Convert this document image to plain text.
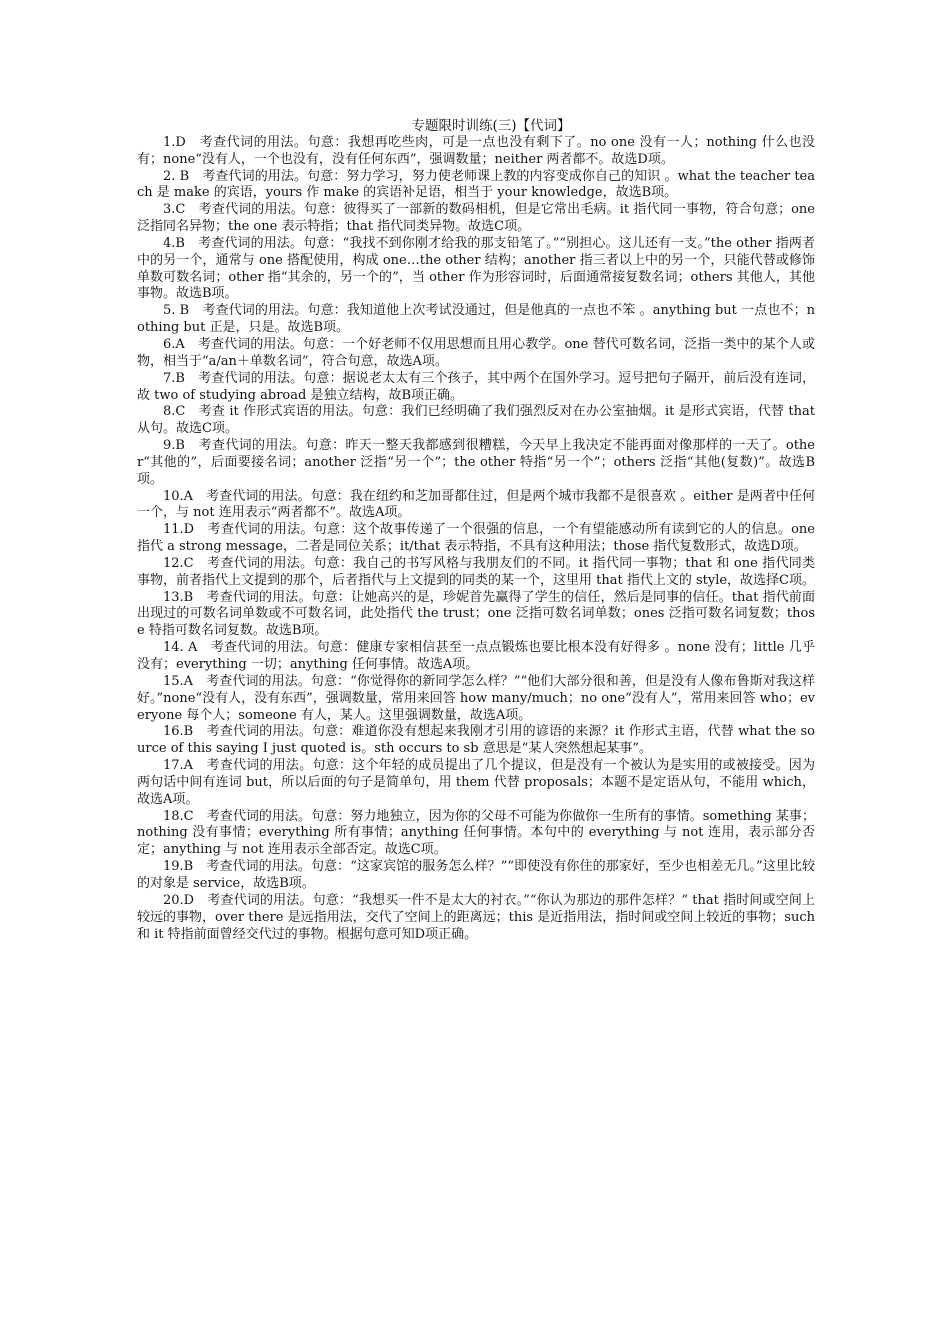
专题限时训练(三)【代词】

1.D　考查代词的用法。句意：我想再吃些肉，可是一点也没有剩下了。no one 没有一人；nothing 什么也没有；none“没有人，一个也没有，没有任何东西”，强调数量；neither 两者都不。故选D项。

2. B　考查代词的用法。句意：努力学习，努力使老师课上教的内容变成你自己的知识 。what the teacher teach 是 make 的宾语，yours 作 make 的宾语补足语，相当于 your knowledge，故选B项。

3.C　考查代词的用法。句意：彼得买了一部新的数码相机，但是它常出毛病。it 指代同一事物，符合句意；one 泛指同名异物；the one 表示特指；that 指代同类异物。故选C项。

4.B　考查代词的用法。句意：“我找不到你刚才给我的那支铅笔了。”“别担心。这儿还有一支。”the other 指两者中的另一个，通常与 one 搭配使用，构成 one…the other 结构；another 指三者以上中的另一个，只能代替或修饰单数可数名词；other 指“其余的，另一个的”，当 other 作为形容词时，后面通常接复数名词；others 其他人，其他事物。故选B项。

5. B　考查代词的用法。句意：我知道他上次考试没通过，但是他真的一点也不笨 。anything but 一点也不；nothing but 正是，只是。故选B项。

6.A　考查代词的用法。句意：一个好老师不仅用思想而且用心教学。one 替代可数名词，泛指一类中的某个人或物，相当于“a/an＋单数名词”，符合句意，故选A项。

7.B　考查代词的用法。句意：据说老太太有三个孩子，其中两个在国外学习。逗号把句子隔开，前后没有连词，故 two of studying abroad 是独立结构，故B项正确。

8.C　考查 it 作形式宾语的用法。句意：我们已经明确了我们强烈反对在办公室抽烟。it 是形式宾语，代替 that 从句。故选C项。

9.B　考查代词的用法。句意：昨天一整天我都感到很糟糕，今天早上我决定不能再面对像那样的一天了。other“其他的”，后面要接名词；another 泛指“另一个”；the other 特指“另一个”；others 泛指“其他(复数)”。故选B项。

10.A　考查代词的用法。句意：我在纽约和芝加哥都住过，但是两个城市我都不是很喜欢 。either 是两者中任何一个，与 not 连用表示“两者都不”。故选A项。

11.D　考查代词的用法。句意：这个故事传递了一个很强的信息，一个有望能感动所有读到它的人的信息。one 指代 a strong message，二者是同位关系；it/that 表示特指，不具有这种用法；those 指代复数形式，故选D项。

12.C　考查代词的用法。句意：我自己的书写风格与我朋友们的不同。it 指代同一事物；that 和 one 指代同类事物，前者指代上文提到的那个，后者指代与上文提到的同类的某一个，这里用 that 指代上文的 style，故选择C项。

13.B　考查代词的用法。句意：让她高兴的是，珍妮首先赢得了学生的信任，然后是同事的信任。that 指代前面出现过的可数名词单数或不可数名词，此处指代 the trust；one 泛指可数名词单数；ones 泛指可数名词复数；those 特指可数名词复数。故选B项。

14. A　考查代词的用法。句意：健康专家相信甚至一点点锻炼也要比根本没有好得多 。none 没有；little 几乎没有；everything 一切；anything 任何事情。故选A项。

15.A　考查代词的用法。句意：“你觉得你的新同学怎么样？”“他们大部分很和善，但是没有人像布鲁斯对我这样好。”none“没有人，没有东西”，强调数量，常用来回答 how many/much；no one“没有人”，常用来回答 who；everyone 每个人；someone 有人，某人。这里强调数量，故选A项。

16.B　考查代词的用法。句意：难道你没有想起来我刚才引用的谚语的来源？it 作形式主语，代替 what the source of this saying I just quoted is。sth occurs to sb 意思是“某人突然想起某事”。

17.A　考查代词的用法。句意：这个年轻的成员提出了几个提议，但是没有一个被认为是实用的或被接受。因为两句话中间有连词 but，所以后面的句子是简单句，用 them 代替 proposals；本题不是定语从句，不能用 which，故选A项。

18.C　考查代词的用法。句意：努力地独立，因为你的父母不可能为你做你一生所有的事情。something 某事；nothing 没有事情；everything 所有事情；anything 任何事情。本句中的 everything 与 not 连用，表示部分否定；anything 与 not 连用表示全部否定。故选C项。

19.B　考查代词的用法。句意：“这家宾馆的服务怎么样？”“即使没有你住的那家好，至少也相差无几。”这里比较的对象是 service，故选B项。

20.D　考查代词的用法。句意：“我想买一件不是太大的衬衣。”“你认为那边的那件怎样？” that 指时间或空间上较远的事物，over there 是远指用法，交代了空间上的距离远；this 是近指用法，指时间或空间上较近的事物；such 和 it 特指前面曾经交代过的事物。根据句意可知D项正确。
